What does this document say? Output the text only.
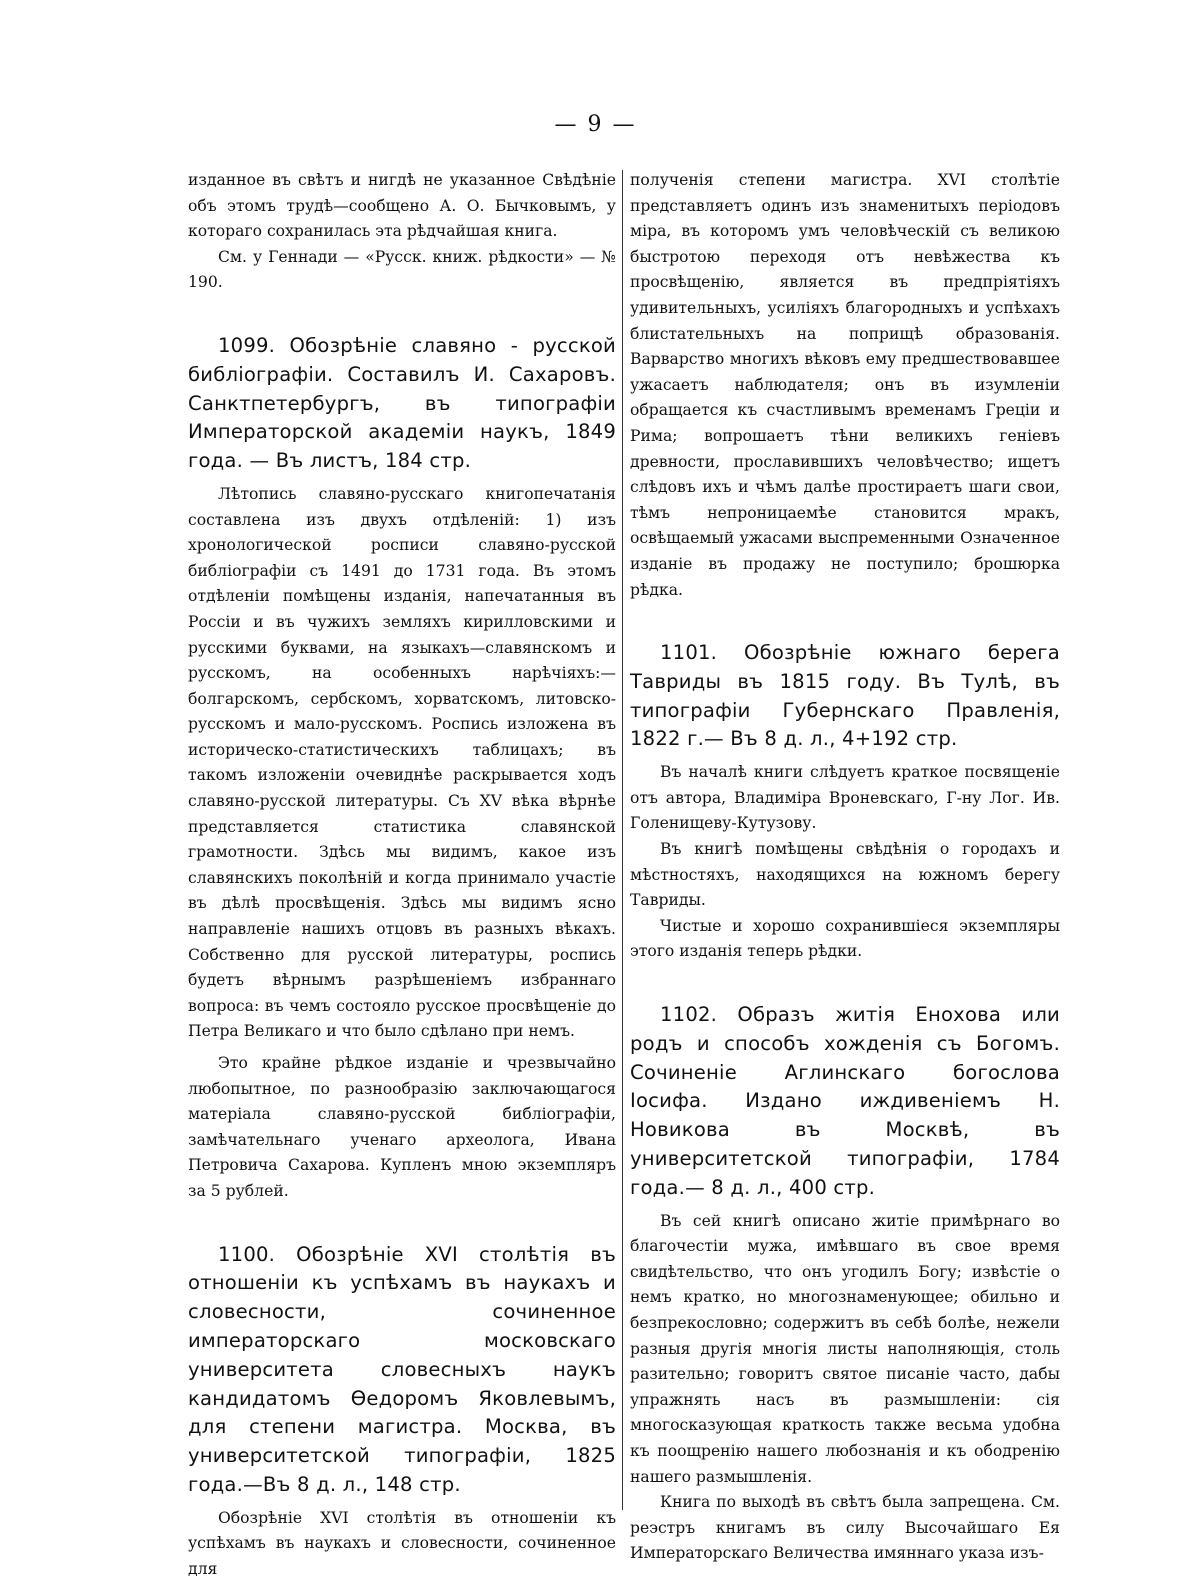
— 9 —

изданное въ свѣтъ и нигдѣ не указанное Свѣдѣніе объ этомъ трудѣ—сообщено А. О. Бычковымъ, у котораго сохранилась эта рѣдчайшая книга.

См. у Геннади — «Русск. книж. рѣдкости» — № 190.

1099. Обозрѣніе славяно - русской библіографіи. Составилъ И. Сахаровъ. Санктпетербургъ, въ типографіи Императорской академіи наукъ, 1849 года. — Въ листъ, 184 стр.

Лѣтопись славяно-русскаго книгопечатанія составлена изъ двухъ отдѣленій: 1) изъ хронологической росписи славяно-русской библіографіи съ 1491 до 1731 года. Въ этомъ отдѣленіи помѣщены изданія, напечатанныя въ Россіи и въ чужихъ земляхъ кирилловскими и русскими буквами, на языкахъ—славянскомъ и русскомъ, на особенныхъ нарѣчіяхъ:—болгарскомъ, сербскомъ, хорватскомъ, литовско-русскомъ и мало-русскомъ. Роспись изложена въ историческо-статистическихъ таблицахъ; въ такомъ изложеніи очевиднѣе раскрывается ходъ славяно-русской литературы. Съ XV вѣка вѣрнѣе представляется статистика славянской грамотности. Здѣсь мы видимъ, какое изъ славянскихъ поколѣній и когда принимало участіе въ дѣлѣ просвѣщенія. Здѣсь мы видимъ ясно направленіе нашихъ отцовъ въ разныхъ вѣкахъ. Собственно для русской литературы, роспись будетъ вѣрнымъ разрѣшеніемъ избраннаго вопроса: въ чемъ состояло русское просвѣщеніе до Петра Великаго и что было сдѣлано при немъ.

Это крайне рѣдкое изданіе и чрезвычайно любопытное, по разнообразію заключающагося матеріала славяно-русской библіографіи, замѣчательнаго ученаго археолога, Ивана Петровича Сахарова. Купленъ мною экземпляръ за 5 рублей.

1100. Обозрѣніе XVI столѣтія въ отношеніи къ успѣхамъ въ наукахъ и словесности, сочиненное императорскаго московскаго университета словесныхъ наукъ кандидатомъ Ѳедоромъ Яковлевымъ, для степени магистра. Москва, въ университетской типографіи, 1825 года.—Въ 8 д. л., 148 стр.

Обозрѣніе XVI столѣтія въ отношеніи къ успѣхамъ въ наукахъ и словесности, сочиненное для

полученія степени магистра. XVI столѣтіе представляетъ одинъ изъ знаменитыхъ періодовъ міра, въ которомъ умъ человѣческій съ великою быстротою переходя отъ невѣжества къ просвѣщенію, является въ предпріятіяхъ удивительныхъ, усиліяхъ благородныхъ и успѣхахъ блистательныхъ на поприщѣ образованія. Варварство многихъ вѣковъ ему предшествовавшее ужасаетъ наблюдателя; онъ въ изумленіи обращается къ счастливымъ временамъ Греціи и Рима; вопрошаетъ тѣни великихъ геніевъ древности, прославившихъ человѣчество; ищетъ слѣдовъ ихъ и чѣмъ далѣе простираетъ шаги свои, тѣмъ непроницаемѣе становится мракъ, освѣщаемый ужасами выспременными Означенное изданіе въ продажу не поступило; брошюрка рѣдка.

1101. Обозрѣніе южнаго берега Тавриды въ 1815 году. Въ Тулѣ, въ типографіи Губернскаго Правленія, 1822 г.— Въ 8 д. л., 4+192 стр.

Въ началѣ книги слѣдуетъ краткое посвященіе отъ автора, Владиміра Вроневскаго, Г-ну Лог. Ив. Голенищеву-Кутузову.

Въ книгѣ помѣщены свѣдѣнія о городахъ и мѣстностяхъ, находящихся на южномъ берегу Тавриды.

Чистые и хорошо сохранившіеся экземпляры этого изданія теперь рѣдки.

1102. Образъ житія Енохова или родъ и способъ хожденія съ Богомъ. Сочиненіе Аглинскаго богослова Іосифа. Издано иждивеніемъ Н. Новикова въ Москвѣ, въ университетской типографіи, 1784 года.— 8 д. л., 400 стр.

Въ сей книгѣ описано житіе примѣрнаго во благочестіи мужа, имѣвшаго въ свое время свидѣтельство, что онъ угодилъ Богу; извѣстіе о немъ кратко, но многознаменующее; обильно и безпрекословно; содержитъ въ себѣ болѣе, нежели разныя другія многія листы наполняющія, столь разительно; говоритъ святое писаніе часто, дабы упражнять насъ въ размышленіи: сія многосказующая краткость также весьма удобна къ поощренію нашего любознанія и къ ободренію нашего размышленія.

Книга по выходѣ въ свѣтъ была запрещена. См. реэстръ книгамъ въ силу Высочайшаго Ея Императорскаго Величества имяннаго указа изъ-
